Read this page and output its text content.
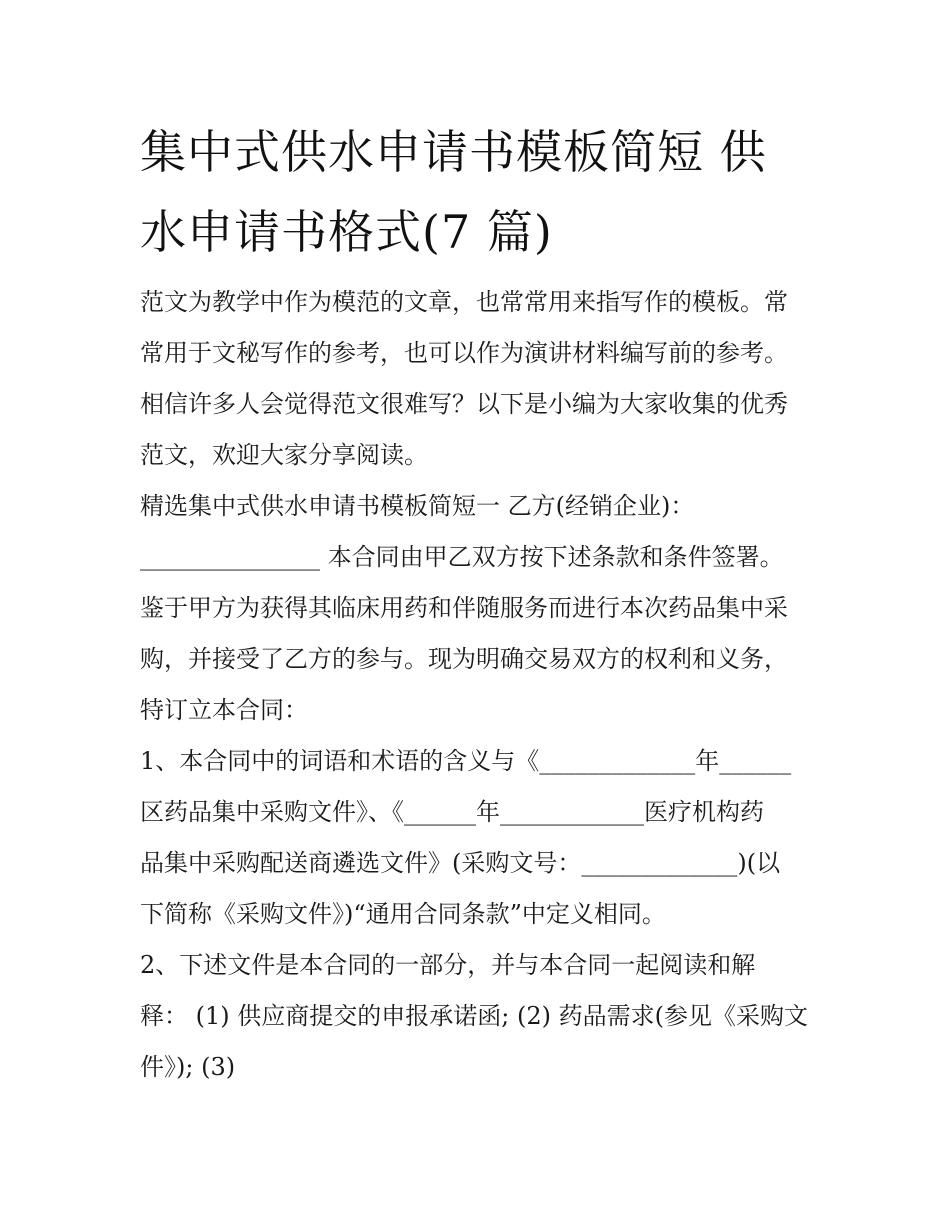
集中式供水申请书模板简短 供
水申请书格式(7 篇)
范文为教学中作为模范的文章，也常常用来指写作的模板。常
常用于文秘写作的参考，也可以作为演讲材料编写前的参考。
相信许多人会觉得范文很难写？以下是小编为大家收集的优秀
范文，欢迎大家分享阅读。
精选集中式供水申请书模板简短一 乙方(经销企业)：
_______________ 本合同由甲乙双方按下述条款和条件签署。
鉴于甲方为获得其临床用药和伴随服务而进行本次药品集中采
购，并接受了乙方的参与。现为明确交易双方的权利和义务，
特订立本合同：
1、本合同中的词语和术语的含义与《_____________年______
区药品集中采购文件》、《______年____________医疗机构药
品集中采购配送商遴选文件》(采购文号：_____________)(以
下简称《采购文件》)“通用合同条款”中定义相同。
2、下述文件是本合同的一部分，并与本合同一起阅读和解
释： (1) 供应商提交的申报承诺函; (2) 药品需求(参见《采购文
件》); (3)
